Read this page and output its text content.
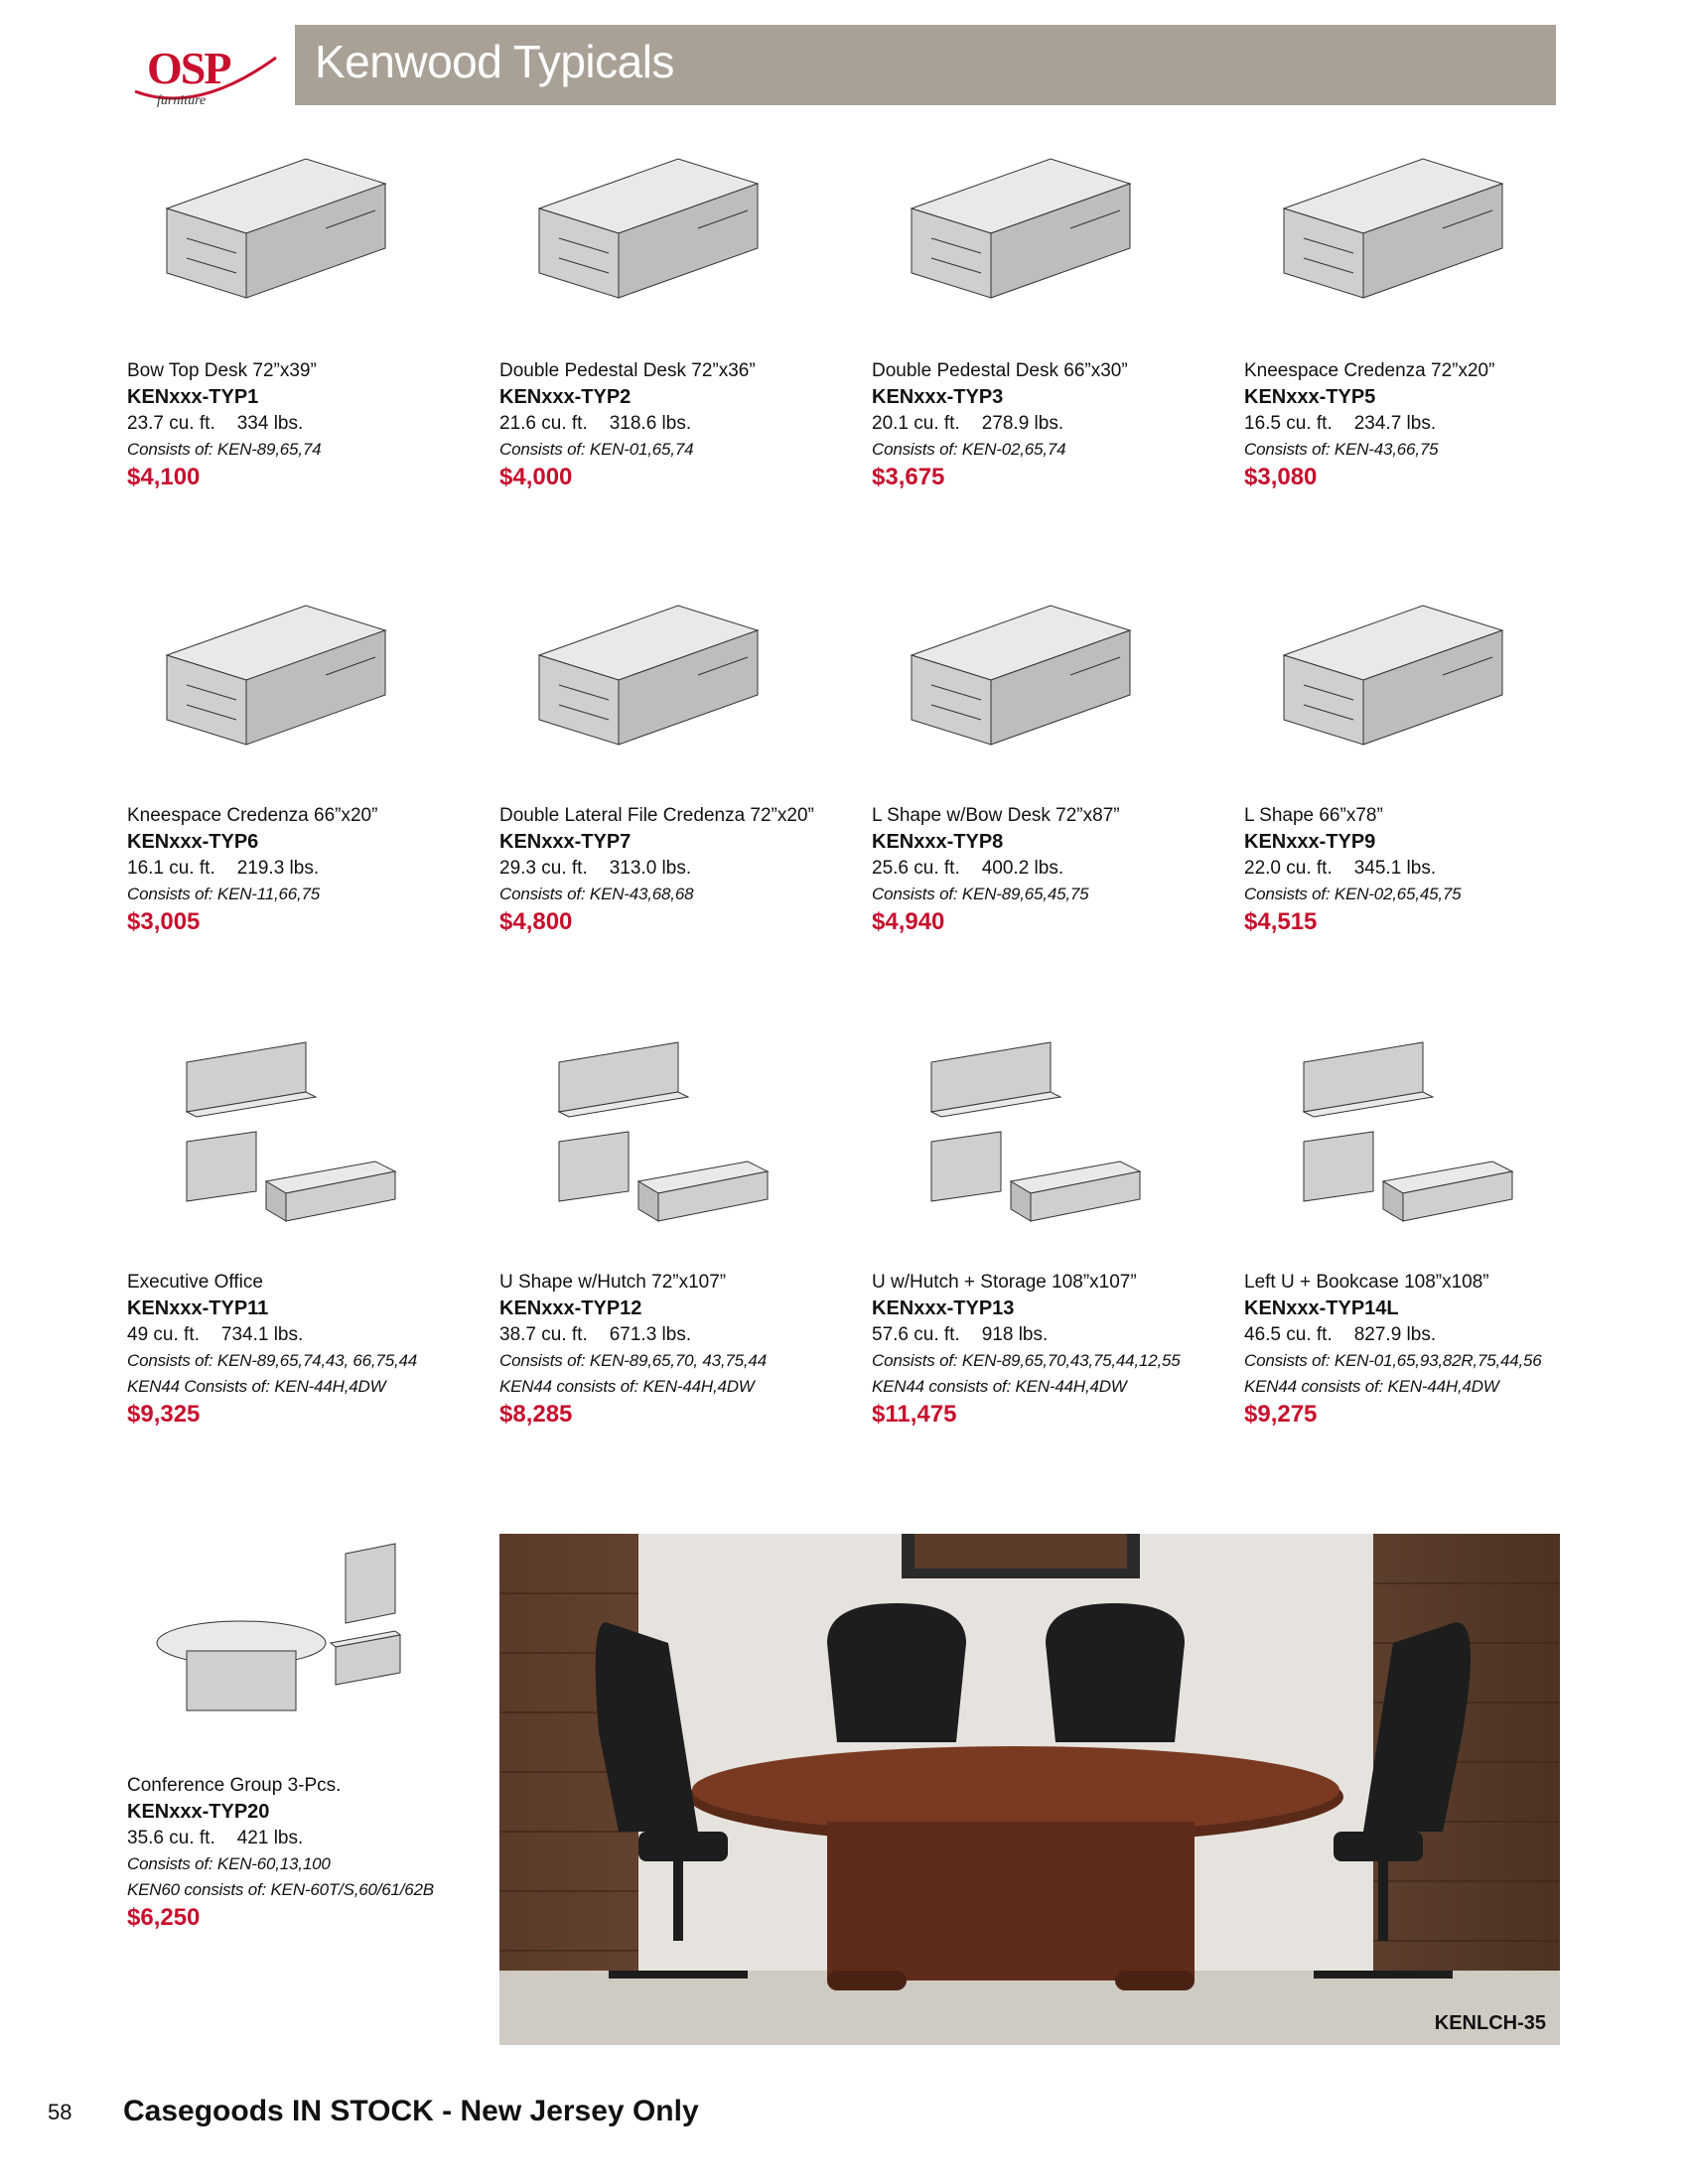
OSP
furniture
Kenwood Typicals
Bow Top Desk 72”x39”
KENxxx-TYP1
23.7 cu. ft. 334 lbs.
Consists of: KEN-89,65,74
$4,100
Double Pedestal Desk 72”x36”
KENxxx-TYP2
21.6 cu. ft. 318.6 lbs.
Consists of: KEN-01,65,74
$4,000
Double Pedestal Desk 66”x30”
KENxxx-TYP3
20.1 cu. ft. 278.9 lbs.
Consists of: KEN-02,65,74
$3,675
Kneespace Credenza 72”x20”
KENxxx-TYP5
16.5 cu. ft. 234.7 lbs.
Consists of: KEN-43,66,75
$3,080
Kneespace Credenza 66”x20”
KENxxx-TYP6
16.1 cu. ft. 219.3 lbs.
Consists of: KEN-11,66,75
$3,005
Double Lateral File Credenza 72”x20”
KENxxx-TYP7
29.3 cu. ft. 313.0 lbs.
Consists of: KEN-43,68,68
$4,800
L Shape w/Bow Desk 72”x87”
KENxxx-TYP8
25.6 cu. ft. 400.2 lbs.
Consists of: KEN-89,65,45,75
$4,940
L Shape 66”x78”
KENxxx-TYP9
22.0 cu. ft. 345.1 lbs.
Consists of: KEN-02,65,45,75
$4,515
Executive Office
KENxxx-TYP11
49 cu. ft. 734.1 lbs.
Consists of: KEN-89,65,74,43, 66,75,44
KEN44 Consists of: KEN-44H,4DW
$9,325
U Shape w/Hutch 72”x107”
KENxxx-TYP12
38.7 cu. ft. 671.3 lbs.
Consists of: KEN-89,65,70, 43,75,44
KEN44 consists of: KEN-44H,4DW
$8,285
U w/Hutch + Storage 108”x107”
KENxxx-TYP13
57.6 cu. ft. 918 lbs.
Consists of: KEN-89,65,70,43,75,44,12,55
KEN44 consists of: KEN-44H,4DW
$11,475
Left U + Bookcase 108”x108”
KENxxx-TYP14L
46.5 cu. ft. 827.9 lbs.
Consists of: KEN-01,65,93,82R,75,44,56
KEN44 consists of: KEN-44H,4DW
$9,275
Conference Group 3-Pcs.
KENxxx-TYP20
35.6 cu. ft. 421 lbs.
Consists of: KEN-60,13,100
KEN60 consists of: KEN-60T/S,60/61/62B
$6,250
KENLCH-35
58 Casegoods IN STOCK - New Jersey Only
